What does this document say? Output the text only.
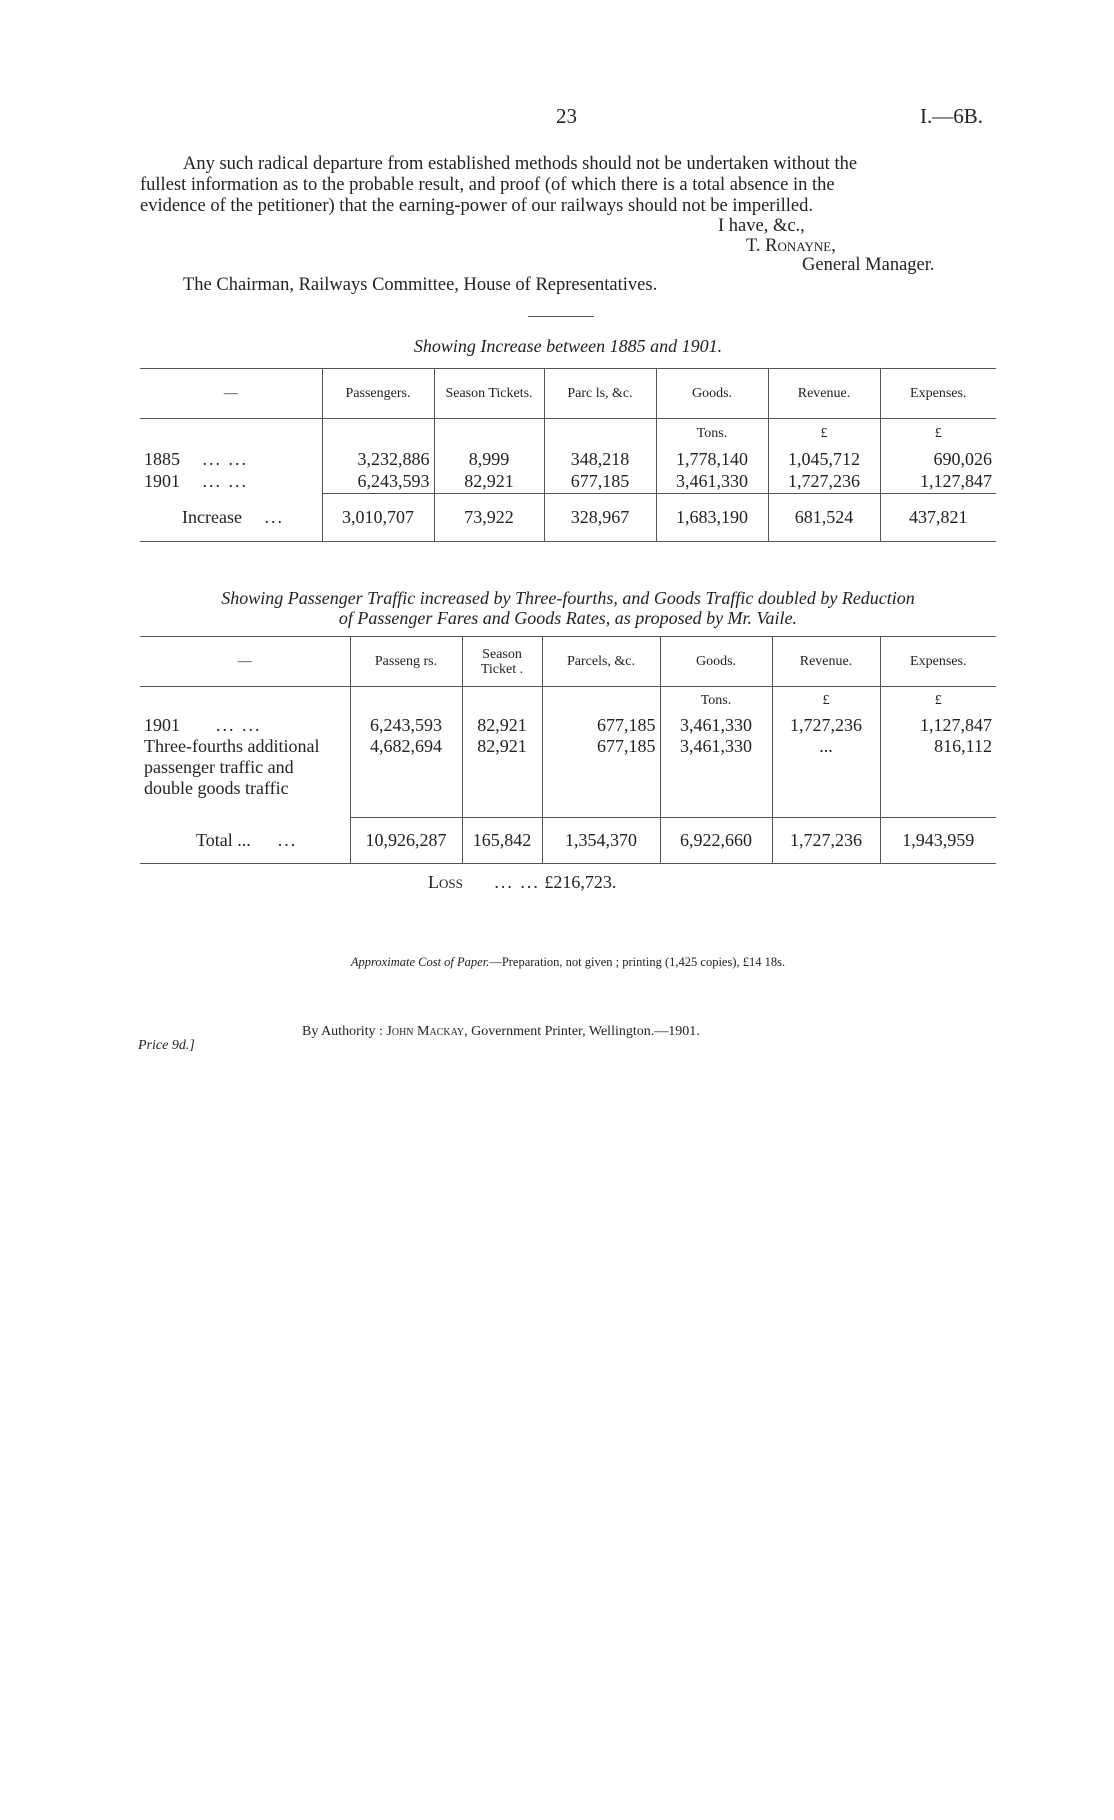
23	I.—6B.

Any such radical departure from established methods should not be undertaken without the

fullest information as to the probable result, and proof (of which there is a total absence in the

evidence of the petitioner) that the earning-power of our railways should not be imperilled.

I have, &c.,
T. Ronayne,
General Manager.
The Chairman, Railways Committee, House of Representatives.
Showing Increase between 1885 and 1901.
—	Passengers.	Season Tickets.	Parc ls, &c.	Goods.	Revenue.	Expenses.
				Tons.	£	£
1885 ... ...	3,232,886	8,999	348,218	1,778,140	1,045,712	690,026
1901 ... ...	6,243,593	82,921	677,185	3,461,330	1,727,236	1,127,847
Increase ...	3,010,707	73,922	328,967	1,683,190	681,524	437,821
Showing Passenger Traffic increased by Three-fourths, and Goods Traffic doubled by Reduction
of Passenger Fares and Goods Rates, as proposed by Mr. Vaile.
—	Passeng rs.	Season Ticket .	Parcels, &c.	Goods.	Revenue.	Expenses.
				Tons.	£	£
1901 ... ...	6,243,593	82,921	677,185	3,461,330	1,727,236	1,127,847
Three-fourths additional passenger traffic and double goods traffic	4,682,694	82,921	677,185	3,461,330	...	816,112
Total ... ...	10,926,287	165,842	1,354,370	6,922,660	1,727,236	1,943,959
Loss ... ... £216,723.
Approximate Cost of Paper.—Preparation, not given ; printing (1,425 copies), £14 18s.
Price 9d.]
By Authority : John Mackay, Government Printer, Wellington.—1901.
